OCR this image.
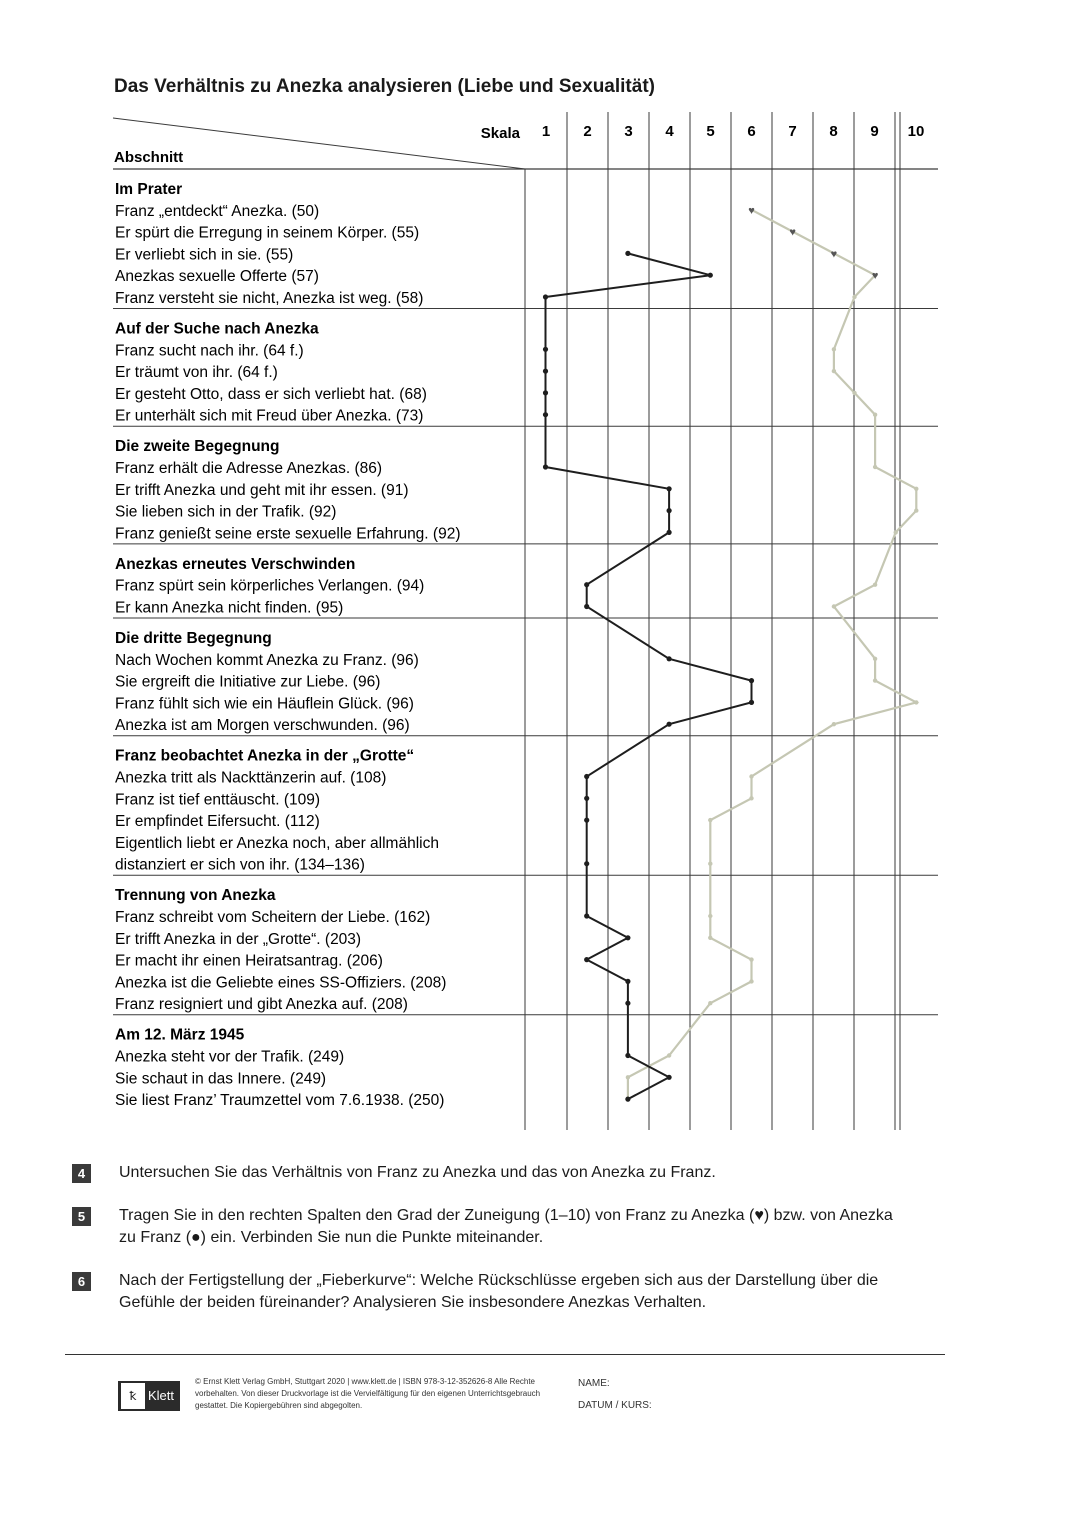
Das Verhältnis zu Anezka analysieren (Liebe und Sexualität)
Skala
Abschnitt
1 2 3 4 5 6 7 8 9 10
Im Prater
Franz „entdeckt“ Anezka. (50)
Er spürt die Erregung in seinem Körper. (55)
Er verliebt sich in sie. (55)
Anezkas sexuelle Offerte (57)
Franz versteht sie nicht, Anezka ist weg. (58)
Auf der Suche nach Anezka
Franz sucht nach ihr. (64 f.)
Er träumt von ihr. (64 f.)
Er gesteht Otto, dass er sich verliebt hat. (68)
Er unterhält sich mit Freud über Anezka. (73)
Die zweite Begegnung
Franz erhält die Adresse Anezkas. (86)
Er trifft Anezka und geht mit ihr essen. (91)
Sie lieben sich in der Trafik. (92)
Franz genießt seine erste sexuelle Erfahrung. (92)
Anezkas erneutes Verschwinden
Franz spürt sein körperliches Verlangen. (94)
Er kann Anezka nicht finden. (95)
Die dritte Begegnung
Nach Wochen kommt Anezka zu Franz. (96)
Sie ergreift die Initiative zur Liebe. (96)
Franz fühlt sich wie ein Häuflein Glück. (96)
Anezka ist am Morgen verschwunden. (96)
Franz beobachtet Anezka in der „Grotte“
Anezka tritt als Nackttänzerin auf. (108)
Franz ist tief enttäuscht. (109)
Er empfindet Eifersucht. (112)
Eigentlich liebt er Anezka noch, aber allmählich
distanziert er sich von ihr. (134–136)
Trennung von Anezka
Franz schreibt vom Scheitern der Liebe. (162)
Er trifft Anezka in der „Grotte“. (203)
Er macht ihr einen Heiratsantrag. (206)
Anezka ist die Geliebte eines SS-Offiziers. (208)
Franz resigniert und gibt Anezka auf. (208)
Am 12. März 1945
Anezka steht vor der Trafik. (249)
Sie schaut in das Innere. (249)
Sie liest Franz’ Traumzettel vom 7.6.1938. (250)
♥
♥
♥
♥
4	Untersuchen Sie das Verhältnis von Franz zu Anezka und das von Anezka zu Franz.
5	Tragen Sie in den rechten Spalten den Grad der Zuneigung (1–10) von Franz zu Anezka (♥) bzw. von Anezka zu Franz (●) ein. Verbinden Sie nun die Punkte miteinander.
6	Nach der Fertigstellung der „Fieberkurve“: Welche Rückschlüsse ergeben sich aus der Darstellung über die Gefühle der beiden füreinander? Analysieren Sie insbesondere Anezkas Verhalten.
ꝁ Klett
© Ernst Klett Verlag GmbH, Stuttgart 2020 | www.klett.de | ISBN 978-3-12-352626-8 Alle Rechte vorbehalten. Von dieser Druckvorlage ist die Vervielfältigung für den eigenen Unterrichtsgebrauch gestattet. Die Kopiergebühren sind abgegolten.
NAME:
DATUM / KURS:
